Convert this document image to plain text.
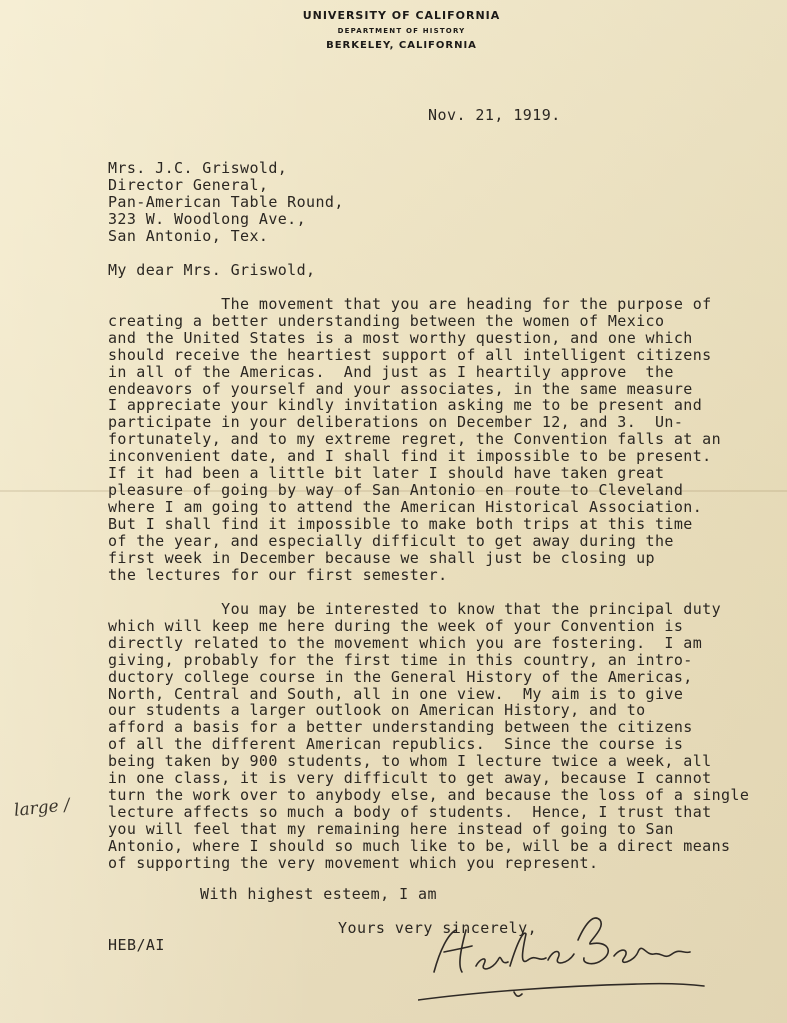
UNIVERSITY OF CALIFORNIA
DEPARTMENT OF HISTORY
BERKELEY, CALIFORNIA
Nov. 21, 1919.
Mrs. J.C. Griswold,
Director General,
Pan-American Table Round,
323 W. Woodlong Ave.,
San Antonio, Tex.
My dear Mrs. Griswold,
The movement that you are heading for the purpose of
creating a better understanding between the women of Mexico
and the United States is a most worthy question, and one which
should receive the heartiest support of all intelligent citizens
in all of the Americas.  And just as I heartily approve  the
endeavors of yourself and your associates, in the same measure
I appreciate your kindly invitation asking me to be present and
participate in your deliberations on December 12, and 3.  Un-
fortunately, and to my extreme regret, the Convention falls at an
inconvenient date, and I shall find it impossible to be present.
If it had been a little bit later I should have taken great
pleasure of going by way of San Antonio en route to Cleveland
where I am going to attend the American Historical Association.
But I shall find it impossible to make both trips at this time
of the year, and especially difficult to get away during the
first week in December because we shall just be closing up
the lectures for our first semester.
You may be interested to know that the principal duty
which will keep me here during the week of your Convention is
directly related to the movement which you are fostering.  I am
giving, probably for the first time in this country, an intro-
ductory college course in the General History of the Americas,
North, Central and South, all in one view.  My aim is to give
our students a larger outlook on American History, and to
afford a basis for a better understanding between the citizens
of all the different American republics.  Since the course is
being taken by 900 students, to whom I lecture twice a week, all
in one class, it is very difficult to get away, because I cannot
turn the work over to anybody else, and because the loss of a single
lecture affects so much a body of students.  Hence, I trust that
you will feel that my remaining here instead of going to San
Antonio, where I should so much like to be, will be a direct means
of supporting the very movement which you represent.
With highest esteem, I am
Yours very sincerely,
HEB/AI
large /
